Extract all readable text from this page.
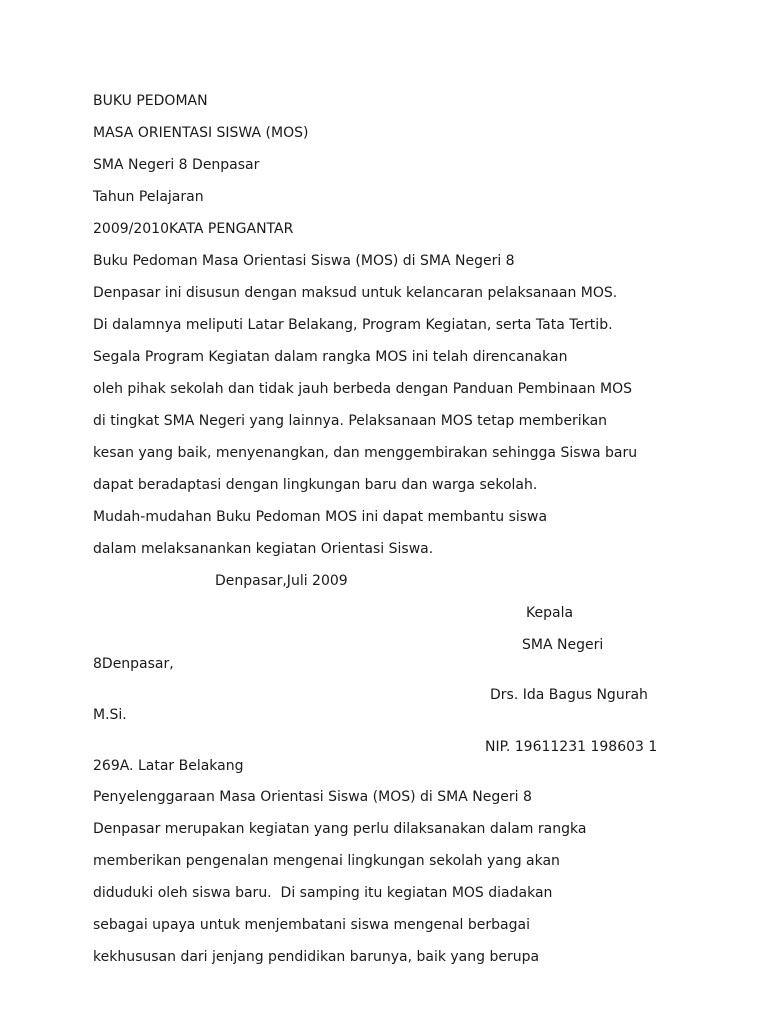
BUKU PEDOMAN
MASA ORIENTASI SISWA (MOS)
SMA Negeri 8 Denpasar
Tahun Pelajaran
2009/2010KATA PENGANTAR
Buku Pedoman Masa Orientasi Siswa (MOS) di SMA Negeri 8
Denpasar ini disusun dengan maksud untuk kelancaran pelaksanaan MOS.
Di dalamnya meliputi Latar Belakang, Program Kegiatan, serta Tata Tertib.
Segala Program Kegiatan dalam rangka MOS ini telah direncanakan
oleh pihak sekolah dan tidak jauh berbeda dengan Panduan Pembinaan MOS
di tingkat SMA Negeri yang lainnya. Pelaksanaan MOS tetap memberikan
kesan yang baik, menyenangkan, dan menggembirakan sehingga Siswa baru
dapat beradaptasi dengan lingkungan baru dan warga sekolah.
Mudah-mudahan Buku Pedoman MOS ini dapat membantu siswa
dalam melaksanankan kegiatan Orientasi Siswa.
Denpasar,Juli 2009
Kepala
SMA Negeri
8Denpasar,
Drs. Ida Bagus Ngurah
M.Si.
NIP. 19611231 198603 1
269A. Latar Belakang
Penyelenggaraan Masa Orientasi Siswa (MOS) di SMA Negeri 8
Denpasar merupakan kegiatan yang perlu dilaksanakan dalam rangka
memberikan pengenalan mengenai lingkungan sekolah yang akan
diduduki oleh siswa baru.  Di samping itu kegiatan MOS diadakan
sebagai upaya untuk menjembatani siswa mengenal berbagai
kekhususan dari jenjang pendidikan barunya, baik yang berupa
